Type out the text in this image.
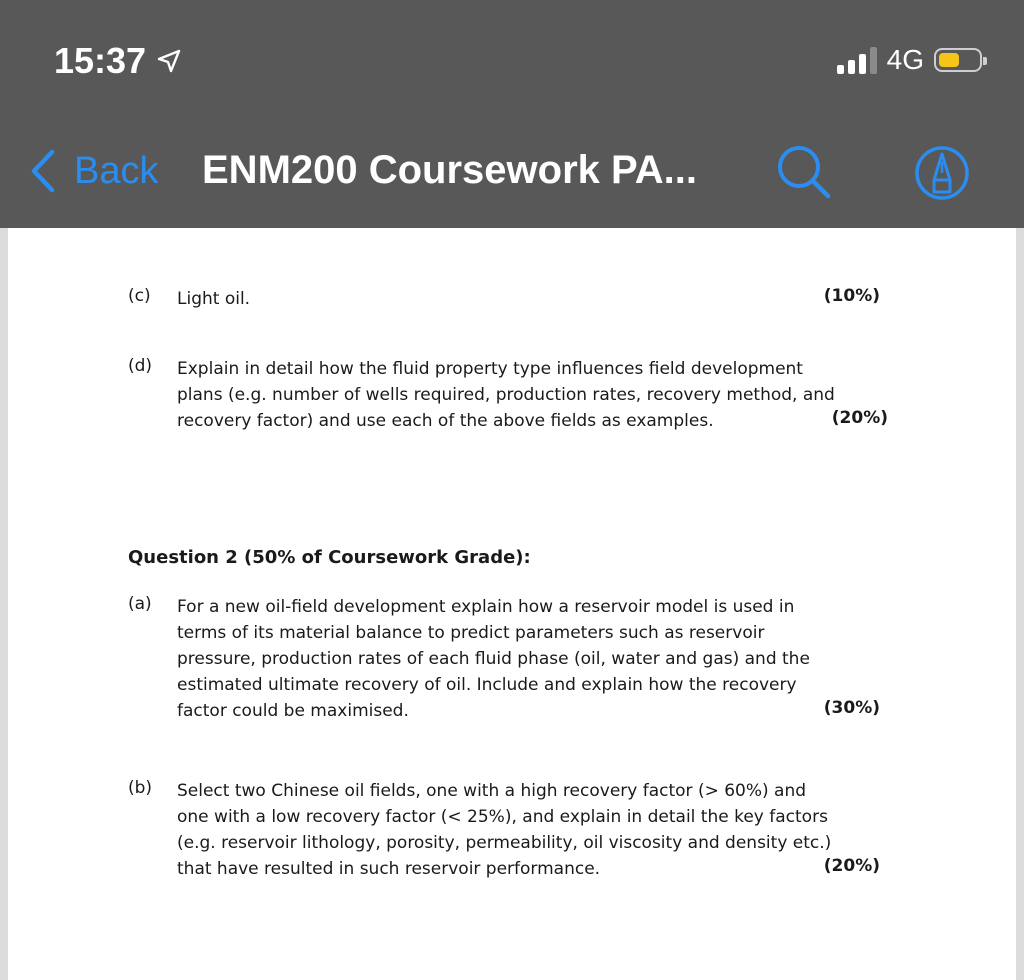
15:37	4G
Back ENM200 Coursework PA...
(c) Light oil.	(10%)
(d) Explain in detail how the fluid property type influences field development
plans (e.g. number of wells required, production rates, recovery method, and
recovery factor) and use each of the above fields as examples.	(20%)
Question 2 (50% of Coursework Grade):
(a) For a new oil-field development explain how a reservoir model is used in
terms of its material balance to predict parameters such as reservoir
pressure, production rates of each fluid phase (oil, water and gas) and the
estimated ultimate recovery of oil. Include and explain how the recovery
factor could be maximised.	(30%)
(b) Select two Chinese oil fields, one with a high recovery factor (> 60%) and
one with a low recovery factor (< 25%), and explain in detail the key factors
(e.g. reservoir lithology, porosity, permeability, oil viscosity and density etc.)
that have resulted in such reservoir performance.	(20%)
